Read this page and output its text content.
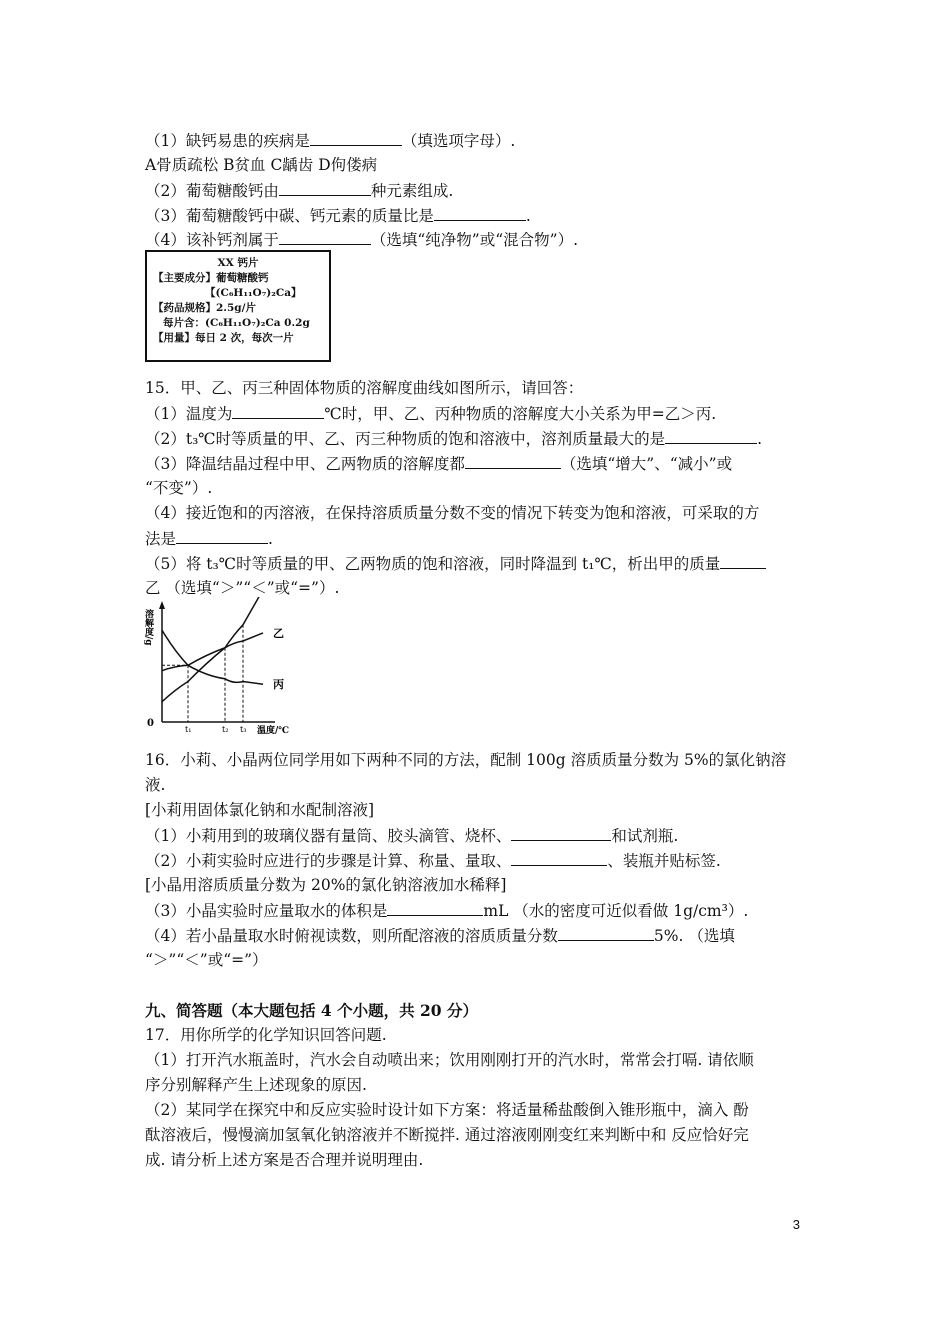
（1）缺钙易患的疾病是	（填选项字母）.
A骨质疏松 B贫血 C龋齿 D佝偻病
（2）葡萄糖酸钙由	种元素组成.
（3）葡萄糖酸钙中碳、钙元素的质量比是	.
（4）该补钙剂属于	（选填“纯净物”或“混合物”）.
XX 钙片
【主要成分】葡萄糖酸钙
【(C₆H₁₁O₇)₂Ca】
【药品规格】2.5g/片
每片含：(C₆H₁₁O₇)₂Ca 0.2g
【用量】每日 2 次，每次一片
15．甲、乙、丙三种固体物质的溶解度曲线如图所示，请回答：
（1）温度为	℃时，甲、乙、丙种物质的溶解度大小关系为甲=乙＞丙.
（2）t₃℃时等质量的甲、乙、丙三种物质的饱和溶液中，溶剂质量最大的是	.
（3）降温结晶过程中甲、乙两物质的溶解度都	（选填“增大”、“减小”或
“不变”）.
（4）接近饱和的丙溶液，在保持溶质质量分数不变的情况下转变为饱和溶液，可采取的方
法是	.
（5）将 t₃℃时等质量的甲、乙两物质的饱和溶液，同时降温到 t₁℃，析出甲的质量
乙 （选填“＞”“＜”或“=”）.
溶解度/g
0
温度/℃
乙
丙
t₁	t₂ t₃
16．小莉、小晶两位同学用如下两种不同的方法，配制 100g 溶质质量分数为 5%的氯化钠溶
液.
[小莉用固体氯化钠和水配制溶液]
（1）小莉用到的玻璃仪器有量筒、胶头滴管、烧杯、	和试剂瓶.
（2）小莉实验时应进行的步骤是计算、称量、量取、	、装瓶并贴标签.
[小晶用溶质质量分数为 20%的氯化钠溶液加水稀释]
（3）小晶实验时应量取水的体积是	mL （水的密度可近似看做 1g/cm³）.
（4）若小晶量取水时俯视读数，则所配溶液的溶质质量分数	5%. （选填
“＞”“＜”或“=”）
九、简答题（本大题包括 4 个小题，共 20 分）
17．用你所学的化学知识回答问题.
（1）打开汽水瓶盖时，汽水会自动喷出来；饮用刚刚打开的汽水时，常常会打嗝. 请依顺
序分别解释产生上述现象的原因.
（2）某同学在探究中和反应实验时设计如下方案：将适量稀盐酸倒入锥形瓶中，滴入 酚
酞溶液后，慢慢滴加氢氧化钠溶液并不断搅拌. 通过溶液刚刚变红来判断中和 反应恰好完
成. 请分析上述方案是否合理并说明理由.
3
